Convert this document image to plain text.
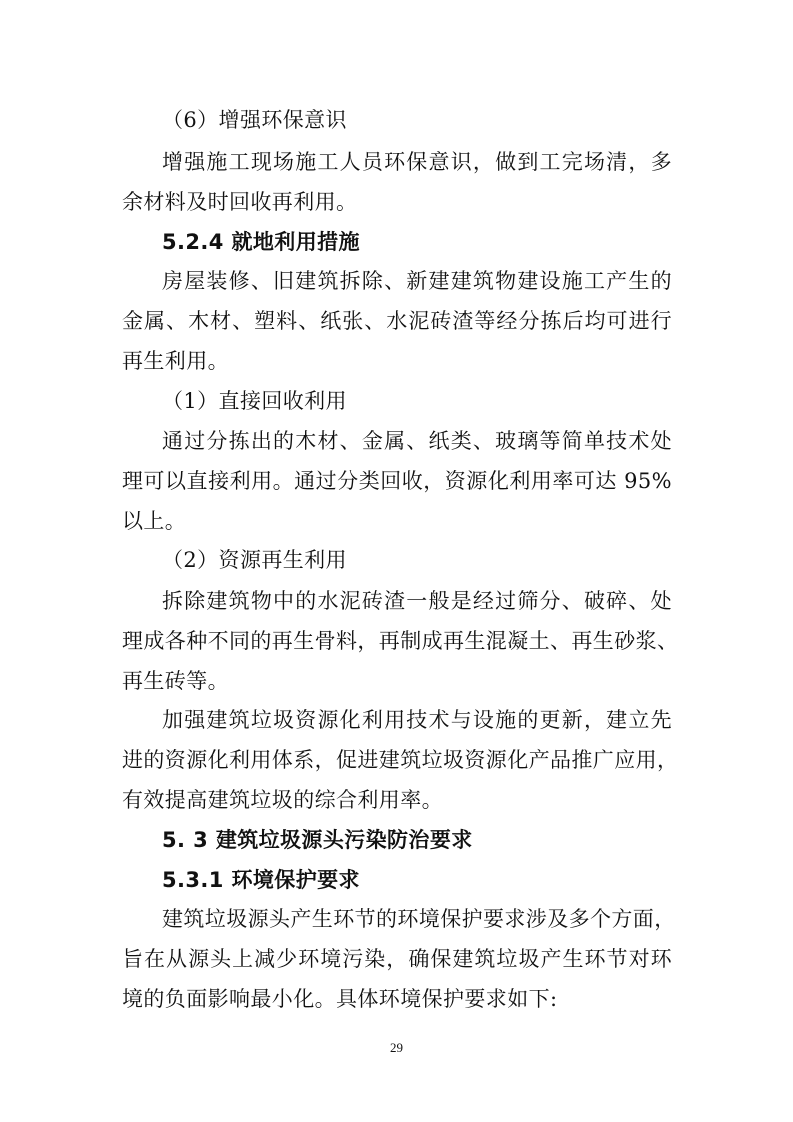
（6）增强环保意识
增强施工现场施工人员环保意识，做到工完场清，多
余材料及时回收再利用。
5.2.4 就地利用措施
房屋装修、旧建筑拆除、新建建筑物建设施工产生的
金属、木材、塑料、纸张、水泥砖渣等经分拣后均可进行
再生利用。
（1）直接回收利用
通过分拣出的木材、金属、纸类、玻璃等简单技术处
理可以直接利用。通过分类回收，资源化利用率可达 95%
以上。
（2）资源再生利用
拆除建筑物中的水泥砖渣一般是经过筛分、破碎、处
理成各种不同的再生骨料，再制成再生混凝土、再生砂浆、
再生砖等。
加强建筑垃圾资源化利用技术与设施的更新，建立先
进的资源化利用体系，促进建筑垃圾资源化产品推广应用，
有效提高建筑垃圾的综合利用率。
5. 3 建筑垃圾源头污染防治要求
5.3.1 环境保护要求
建筑垃圾源头产生环节的环境保护要求涉及多个方面，
旨在从源头上减少环境污染，确保建筑垃圾产生环节对环
境的负面影响最小化。具体环境保护要求如下:
29
